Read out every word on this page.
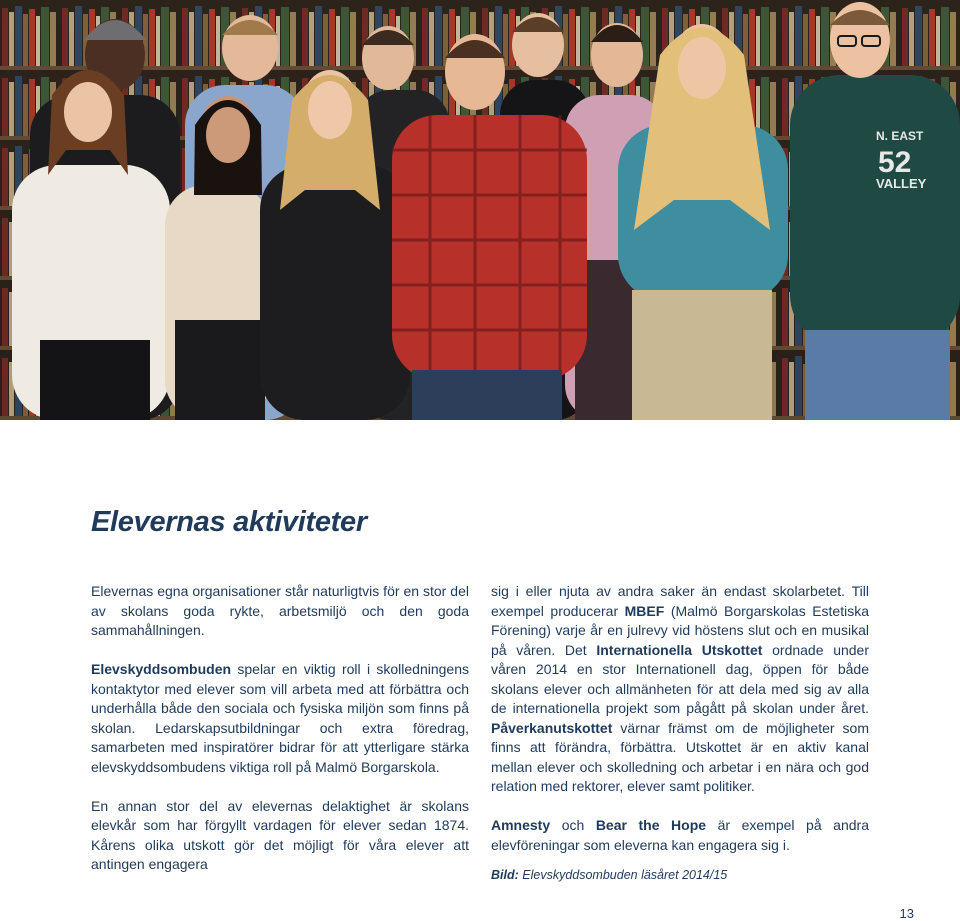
N. EAST
52
VALLEY
Elevernas aktiviteter

Elevernas egna organisationer står naturligtvis för en stor del av skolans goda rykte, arbetsmiljö och den goda sammahållningen.

Elevskyddsombuden spelar en viktig roll i skolledningens kontaktytor med elever som vill arbeta med att förbättra och underhålla både den sociala och fysiska miljön som finns på skolan. Ledarskapsutbildningar och extra föredrag, samarbeten med inspiratörer bidrar för att ytterligare stärka elevskyddsombudens viktiga roll på Malmö Borgarskola.

En annan stor del av elevernas delaktighet är skolans elevkår som har förgyllt vardagen för elever sedan 1874. Kårens olika utskott gör det möjligt för våra elever att antingen engagera

sig i eller njuta av andra saker än endast skolarbetet. Till exempel producerar MBEF (Malmö Borgarskolas Estetiska Förening) varje år en julrevy vid höstens slut och en musikal på våren. Det Internationella Utskottet ordnade under våren 2014 en stor Internationell dag, öppen för både skolans elever och allmänheten för att dela med sig av alla de internationella projekt som pågått på skolan under året. Påverkanutskottet värnar främst om de möjligheter som finns att förändra, förbättra. Utskottet är en aktiv kanal mellan elever och skolledning och arbetar i en nära och god relation med rektorer, elever samt politiker.

Amnesty och Bear the Hope är exempel på andra elevföreningar som eleverna kan engagera sig i.

Bild: Elevskyddsombuden läsåret 2014/15
13
